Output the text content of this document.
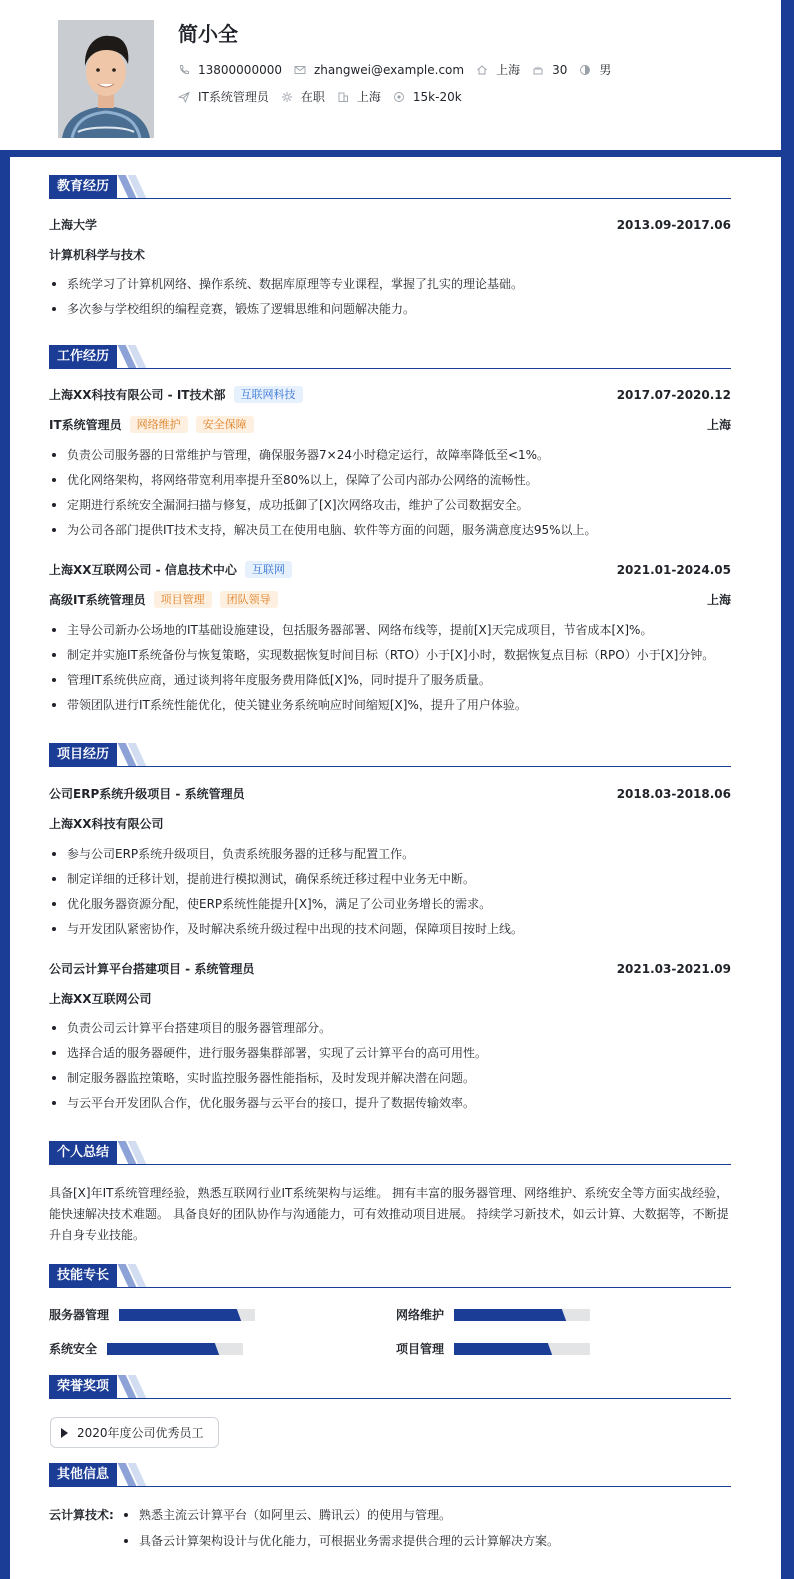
简小全
13800000000	zhangwei@example.com	上海	30	男
IT系统管理员	在职	上海	15k-20k
教育经历
上海大学	2013.09-2017.06
计算机科学与技术
系统学习了计算机网络、操作系统、数据库原理等专业课程，掌握了扎实的理论基础。
多次参与学校组织的编程竞赛，锻炼了逻辑思维和问题解决能力。
工作经历
上海XX科技有限公司 - IT技术部	互联网科技	2017.07-2020.12
IT系统管理员	网络维护	安全保障	上海
负责公司服务器的日常维护与管理，确保服务器7×24小时稳定运行，故障率降低至<1%。
优化网络架构，将网络带宽利用率提升至80%以上，保障了公司内部办公网络的流畅性。
定期进行系统安全漏洞扫描与修复，成功抵御了[X]次网络攻击，维护了公司数据安全。
为公司各部门提供IT技术支持，解决员工在使用电脑、软件等方面的问题，服务满意度达95%以上。
上海XX互联网公司 - 信息技术中心	互联网	2021.01-2024.05
高级IT系统管理员	项目管理	团队领导	上海
主导公司新办公场地的IT基础设施建设，包括服务器部署、网络布线等，提前[X]天完成项目，节省成本[X]%。
制定并实施IT系统备份与恢复策略，实现数据恢复时间目标（RTO）小于[X]小时，数据恢复点目标（RPO）小于[X]分钟。
管理IT系统供应商，通过谈判将年度服务费用降低[X]%，同时提升了服务质量。
带领团队进行IT系统性能优化，使关键业务系统响应时间缩短[X]%，提升了用户体验。
项目经历
公司ERP系统升级项目 - 系统管理员	2018.03-2018.06
上海XX科技有限公司
参与公司ERP系统升级项目，负责系统服务器的迁移与配置工作。
制定详细的迁移计划，提前进行模拟测试，确保系统迁移过程中业务无中断。
优化服务器资源分配，使ERP系统性能提升[X]%，满足了公司业务增长的需求。
与开发团队紧密协作，及时解决系统升级过程中出现的技术问题，保障项目按时上线。
公司云计算平台搭建项目 - 系统管理员	2021.03-2021.09
上海XX互联网公司
负责公司云计算平台搭建项目的服务器管理部分。
选择合适的服务器硬件，进行服务器集群部署，实现了云计算平台的高可用性。
制定服务器监控策略，实时监控服务器性能指标，及时发现并解决潜在问题。
与云平台开发团队合作，优化服务器与云平台的接口，提升了数据传输效率。
个人总结
具备[X]年IT系统管理经验，熟悉互联网行业IT系统架构与运维。 拥有丰富的服务器管理、网络维护、系统安全等方面实战经验，
能快速解决技术难题。 具备良好的团队协作与沟通能力，可有效推动项目进展。 持续学习新技术，如云计算、大数据等，不断提
升自身专业技能。
技能专长
服务器管理	网络维护
系统安全	项目管理
荣誉奖项
2020年度公司优秀员工
其他信息
云计算技术:	熟悉主流云计算平台（如阿里云、腾讯云）的使用与管理。
具备云计算架构设计与优化能力，可根据业务需求提供合理的云计算解决方案。
